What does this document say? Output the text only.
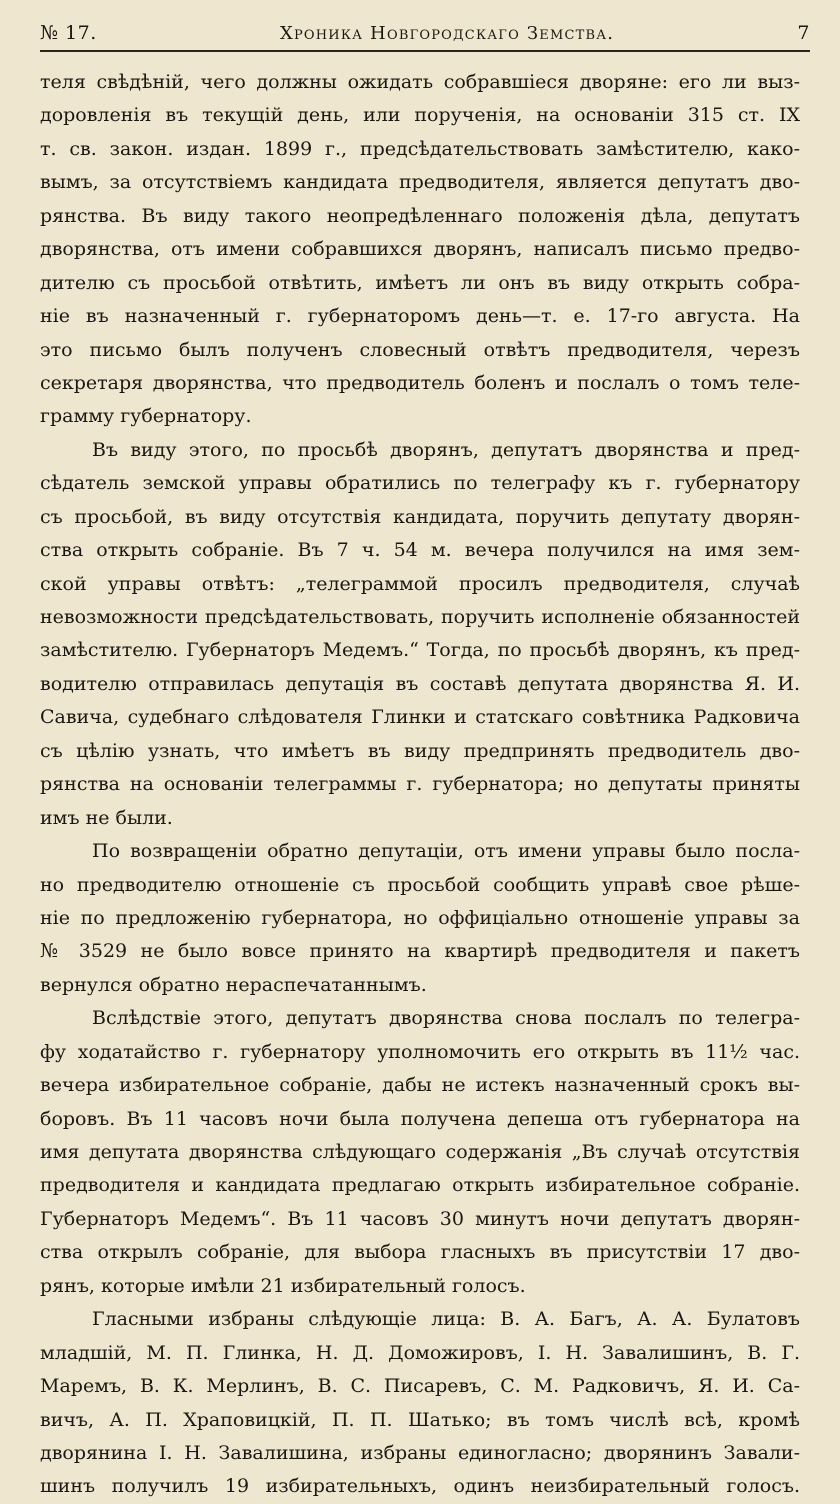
№ 17.	Хроника Новгородскаго Земства.	7
теля свѣдѣній, чего должны ожидать собравшіеся дворяне: его ли выз-
доровленія въ текущій день, или порученія, на основаніи 315 ст. IX
т. св. закон. издан. 1899 г., предсѣдательствовать замѣстителю, како-
вымъ, за отсутствіемъ кандидата предводителя, является депутатъ дво-
рянства. Въ виду такого неопредѣленнаго положенія дѣла, депутатъ
дворянства, отъ имени собравшихся дворянъ, написалъ письмо предво-
дителю съ просьбой отвѣтить, имѣетъ ли онъ въ виду открыть собра-
ніе въ назначенный г. губернаторомъ день—т. е. 17-го августа. На
это письмо былъ полученъ словесный отвѣтъ предводителя, черезъ
секретаря дворянства, что предводитель боленъ и послалъ о томъ теле-
грамму губернатору.
Въ виду этого, по просьбѣ дворянъ, депутатъ дворянства и пред-
сѣдатель земской управы обратились по телеграфу къ г. губернатору
съ просьбой, въ виду отсутствія кандидата, поручить депутату дворян-
ства открыть собраніе. Въ 7 ч. 54 м. вечера получился на имя зем-
ской управы отвѣтъ: „телеграммой просилъ предводителя, случаѣ
невозможности предсѣдательствовать, поручить исполненіе обязанностей
замѣстителю. Губернаторъ Медемъ.“ Тогда, по просьбѣ дворянъ, къ пред-
водителю отправилась депутація въ составѣ депутата дворянства Я. И.
Савича, судебнаго слѣдователя Глинки и статскаго совѣтника Радковича
съ цѣлію узнать, что имѣетъ въ виду предпринять предводитель дво-
рянства на основаніи телеграммы г. губернатора; но депутаты приняты
имъ не были.
По возвращеніи обратно депутаціи, отъ имени управы было посла-
но предводителю отношеніе съ просьбой сообщить управѣ свое рѣше-
ніе по предложенію губернатора, но оффиціально отношеніе управы за
№ 3529 не было вовсе принято на квартирѣ предводителя и пакетъ
вернулся обратно нераспечатаннымъ.
Вслѣдствіе этого, депутатъ дворянства снова послалъ по телегра-
фу ходатайство г. губернатору уполномочить его открыть въ 11½ час.
вечера избирательное собраніе, дабы не истекъ назначенный срокъ вы-
боровъ. Въ 11 часовъ ночи была получена депеша отъ губернатора на
имя депутата дворянства слѣдующаго содержанія „Въ случаѣ отсутствія
предводителя и кандидата предлагаю открыть избирательное собраніе.
Губернаторъ Медемъ“. Въ 11 часовъ 30 минутъ ночи депутатъ дворян-
ства открылъ собраніе, для выбора гласныхъ въ присутствіи 17 дво-
рянъ, которые имѣли 21 избирательный голосъ.
Гласными избраны слѣдующіе лица: В. А. Багъ, А. А. Булатовъ
младшій, М. П. Глинка, Н. Д. Доможировъ, І. Н. Завалишинъ, В. Г.
Маремъ, В. К. Мерлинъ, В. С. Писаревъ, С. М. Радковичъ, Я. И. Са-
вичъ, А. П. Храповицкій, П. П. Шатько; въ томъ числѣ всѣ, кромѣ
дворянина І. Н. Завалишина, избраны единогласно; дворянинъ Завали-
шинъ получилъ 19 избирательныхъ, одинъ неизбирательный голосъ.
